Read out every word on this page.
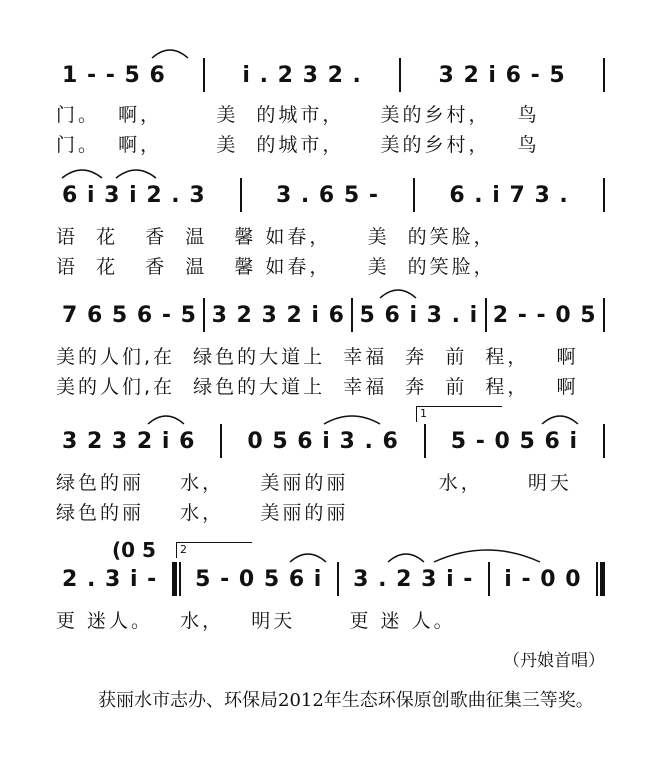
1 - - 5 6	i . 2 3 2 .	3 2 i 6 - 5
门。  啊，      美  的城市，    美的乡村，   鸟
门。  啊，      美  的城市，    美的乡村，   鸟
6 i 3 i 2 . 3	3 . 6 5 -	6 . i 7 3 .
语  花   香  温   馨 如春，    美  的笑脸，
语  花   香  温   馨 如春，    美  的笑脸，
7 6 5 6 - 5 3 2 3 2 i 6 5 6 i 3 . i 2 - - 0 5
美的人们,在  绿色的大道上  幸福  奔  前  程，   啊
美的人们,在  绿色的大道上  幸福  奔  前  程，   啊
1
3 2 3 2 i 6 0 5 6 i 3 . 6 5 - 0 5 6 i
绿色的丽    水，    美丽的丽          水，     明天
绿色的丽    水，    美丽的丽
(0 5	2
2 . 3 i - 5 - 0 5 6 i 3 . 2 3 i - i - 0 0
更 迷人。   水，   明天      更 迷 人。
（丹娘首唱）
获丽水市志办、环保局2012年生态环保原创歌曲征集三等奖。
